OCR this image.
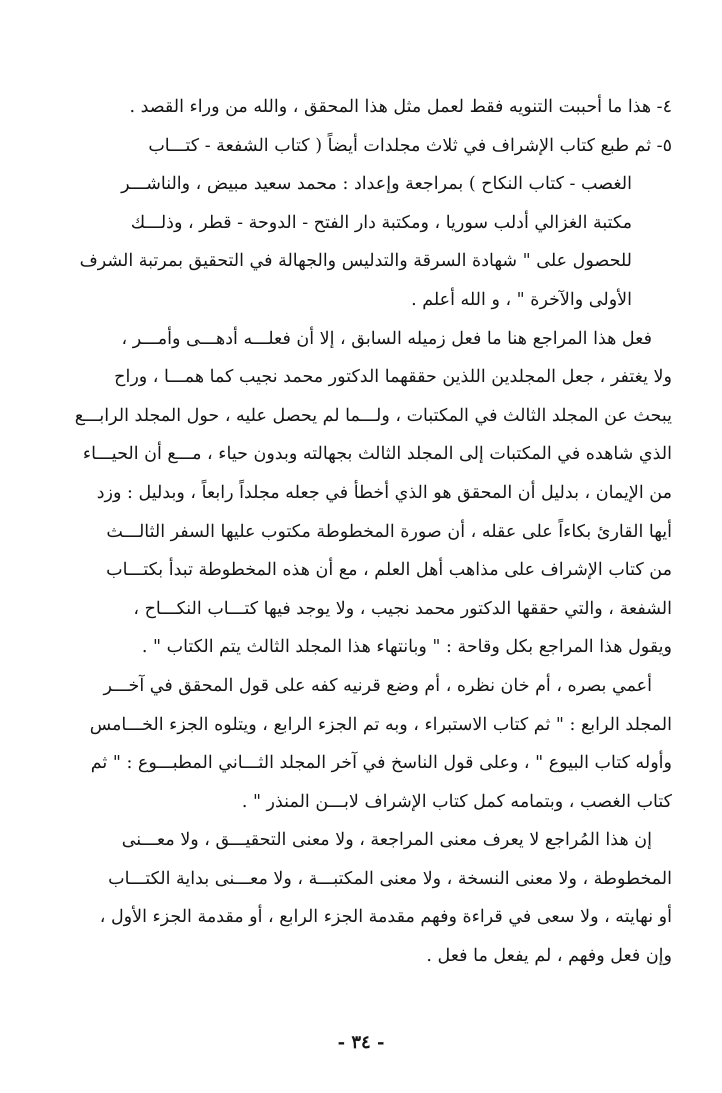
٤- هذا ما أحببت التنويه فقط لعمل مثل هذا المحقق ، والله من وراء القصد .
٥- ثم طبع كتاب الإشراف في ثلاث مجلدات أيضاً ( كتاب الشفعة - كتـــاب
الغصب - كتاب النكاح ) بمراجعة وإعداد : محمد سعيد مبيض ، والناشـــر
مكتبة الغزالي أدلب سوريا ، ومكتبة دار الفتح - الدوحة - قطر ، وذلـــك
للحصول على " شهادة السرقة والتدليس والجهالة في التحقيق بمرتبة الشرف
الأولى والآخرة " ، و الله أعلم .
فعل هذا المراجع هنا ما فعل زميله السابق ، إلا أن فعلـــه أدهـــى وأمـــر ،
ولا يغتفر ، جعل المجلدين اللذين حققهما الدكتور محمد نجيب كما همـــا ، وراح
يبحث عن المجلد الثالث في المكتبات ، ولـــما لم يحصل عليه ، حول المجلد الرابـــع
الذي شاهده في المكتبات إلى المجلد الثالث بجهالته وبدون حياء ، مـــع أن الحيـــاء
من الإيمان ، بدليل أن المحقق هو الذي أخطأ في جعله مجلداً رابعاً ، وبدليل : وزد
أيها القارئ بكاءاً على عقله ، أن صورة المخطوطة مكتوب عليها السفر الثالـــث
من كتاب الإشراف على مذاهب أهل العلم ، مع أن هذه المخطوطة تبدأ بكتـــاب
الشفعة ، والتي حققها الدكتور محمد نجيب ، ولا يوجد فيها كتـــاب النكـــاح ،
ويقول هذا المراجع بكل وقاحة : " وبانتهاء هذا المجلد الثالث يتم الكتاب " .
أعمي بصره ، أم خان نظره ، أم وضع قرنيه كفه على قول المحقق في آخـــر
المجلد الرابع : " ثم كتاب الاستبراء ، وبه تم الجزء الرابع ، ويتلوه الجزء الخـــامس
وأوله كتاب البيوع " ، وعلى قول الناسخ في آخر المجلد الثـــاني المطبـــوع : " ثم
كتاب الغصب ، وبتمامه كمل كتاب الإشراف لابـــن المنذر " .
إن هذا المُراجع لا يعرف معنى المراجعة ، ولا معنى التحقيـــق ، ولا معـــنى
المخطوطة ، ولا معنى النسخة ، ولا معنى المكتبـــة ، ولا معـــنى بداية الكتـــاب
أو نهايته ، ولا سعى في قراءة وفهم مقدمة الجزء الرابع ، أو مقدمة الجزء الأول ،
وإن فعل وفهم ، لم يفعل ما فعل .
- ٣٤ -
